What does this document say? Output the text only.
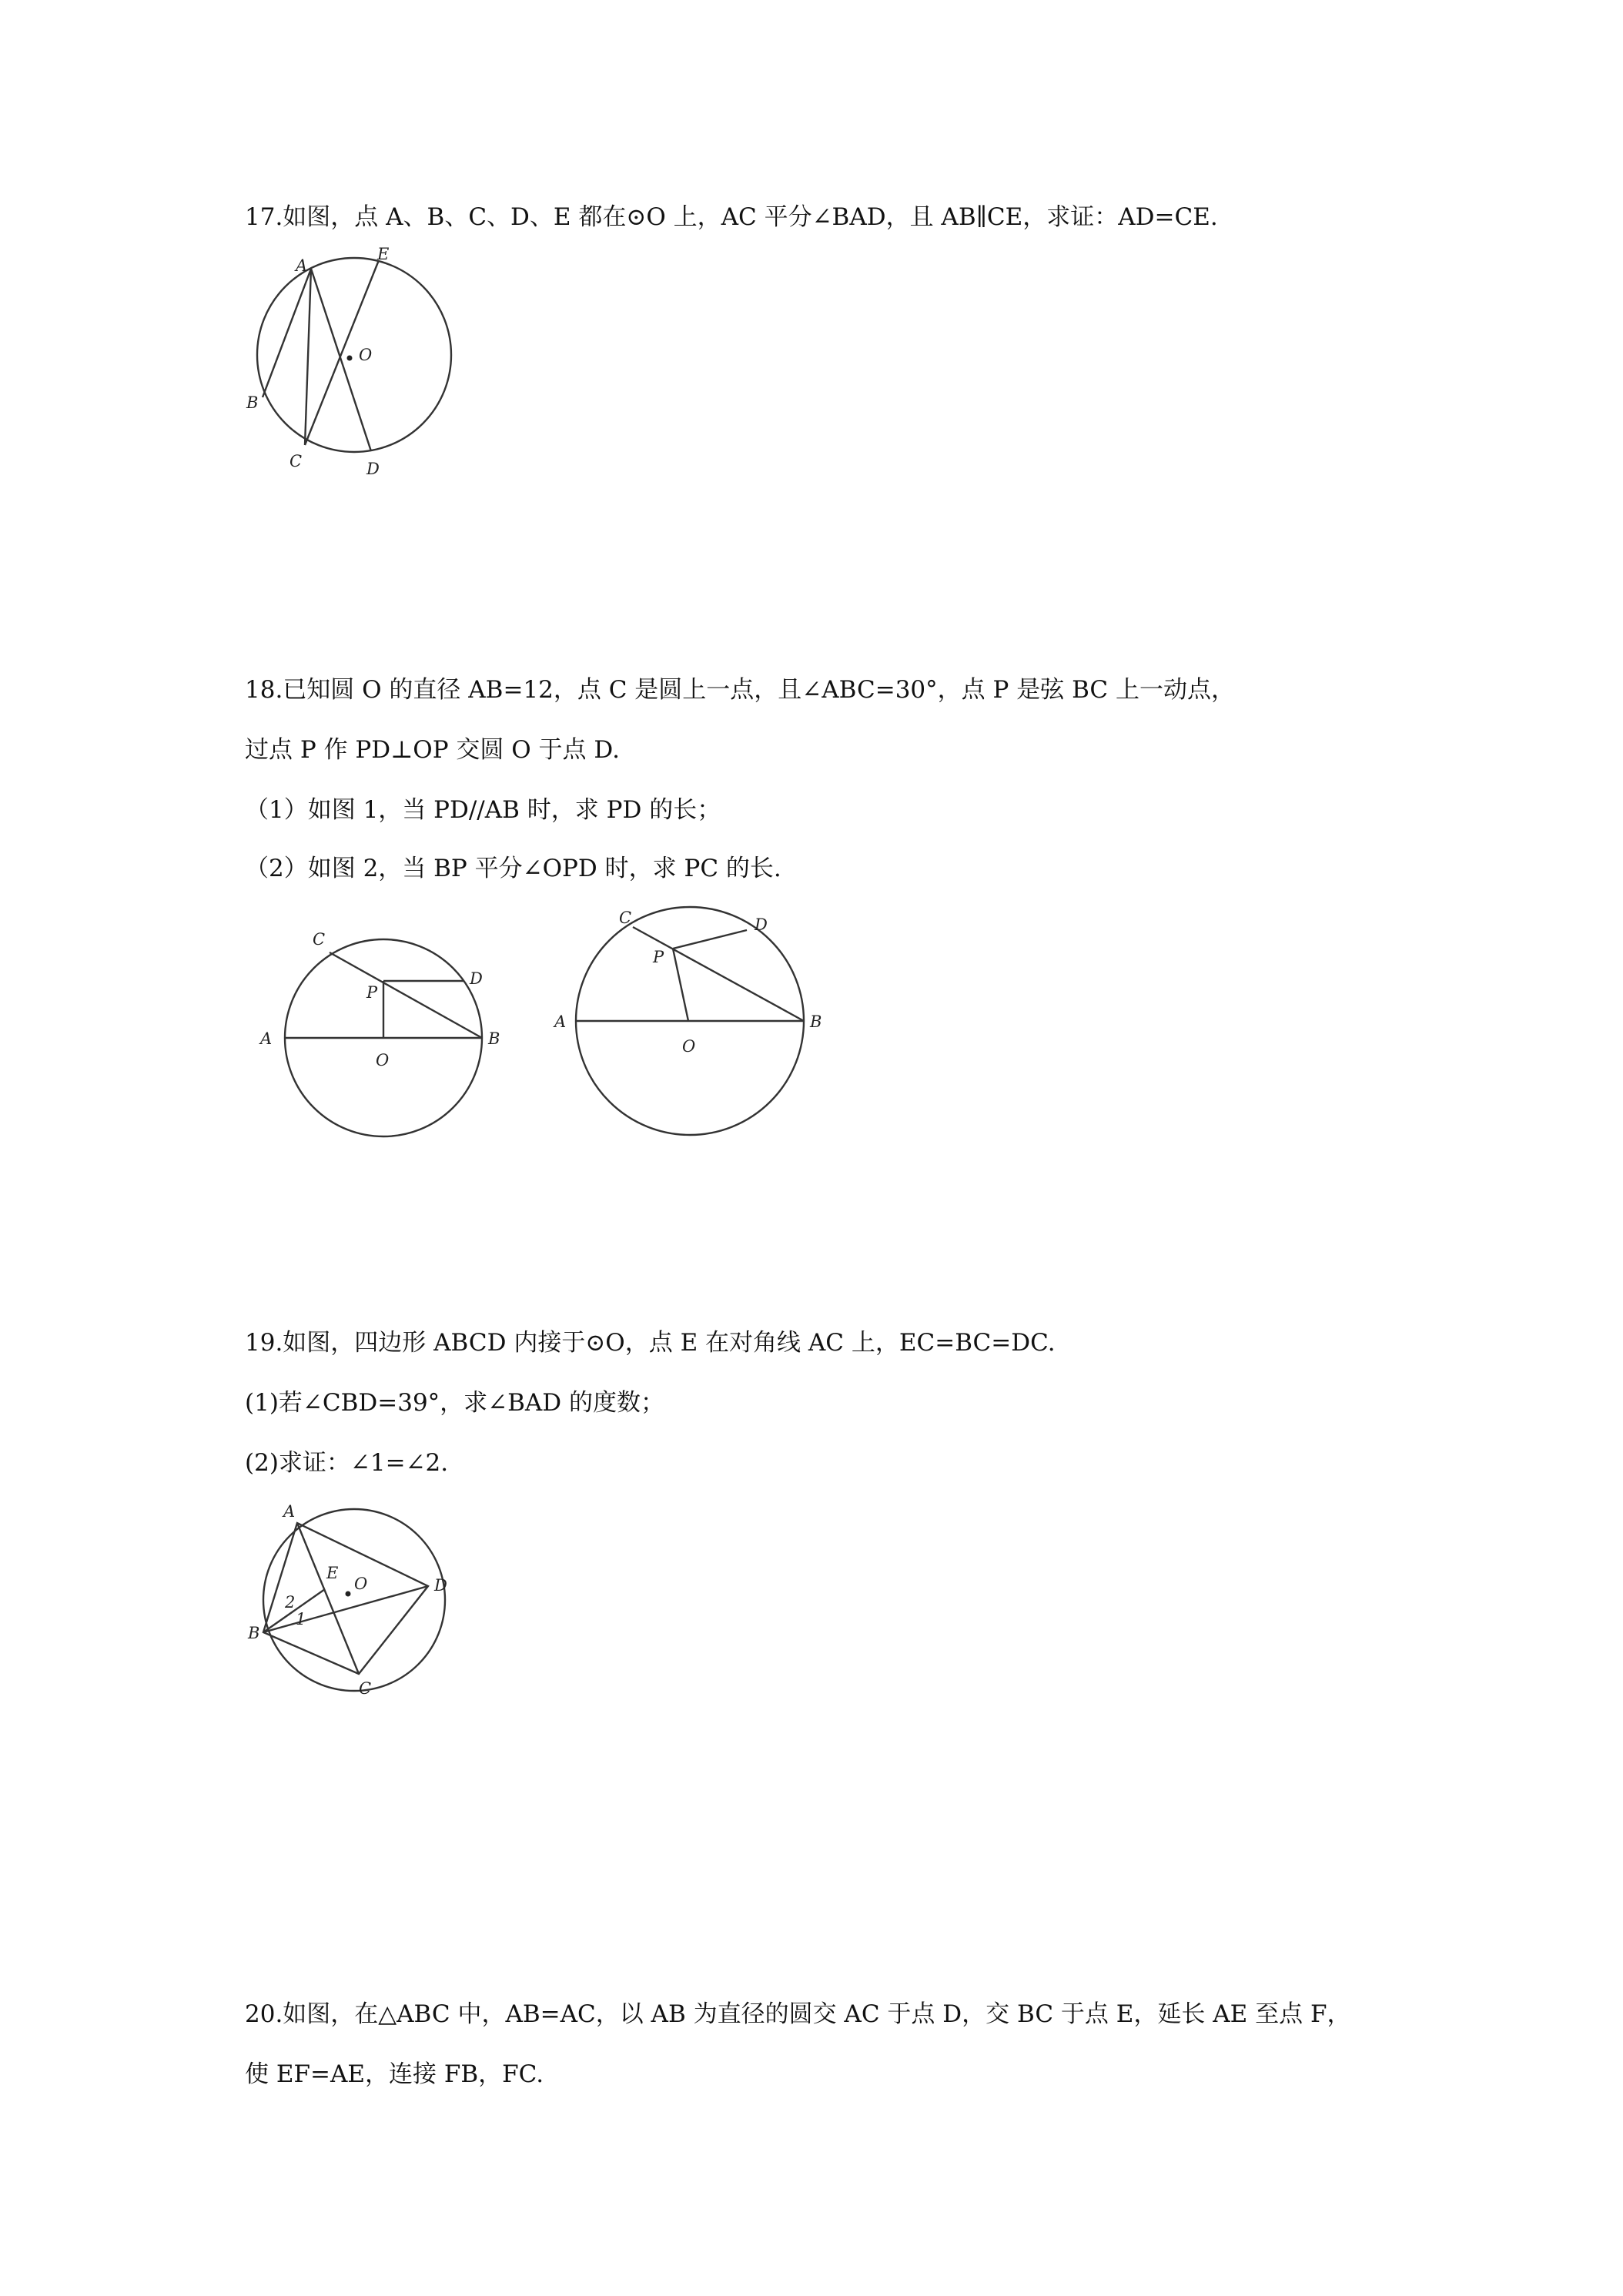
17.如图，点 A、B、C、D、E 都在⊙O 上，AC 平分∠BAD，且 AB∥CE，求证：AD=CE.
A
E
O
B
C	D
18.已知圆 O 的直径 AB=12，点 C 是圆上一点，且∠ABC=30°，点 P 是弦 BC 上一动点，
过点 P 作 PD⊥OP 交圆 O 于点 D.
（1）如图 1，当 PD//AB 时，求 PD 的长；
（2）如图 2，当 BP 平分∠OPD 时，求 PC 的长.
C
D
P
A	B
O
C	D
P
A	B
O
19.如图，四边形 ABCD 内接于⊙O，点 E 在对角线 AC 上，EC=BC=DC.
(1)若∠CBD=39°，求∠BAD 的度数；
(2)求证：∠1=∠2.
A
E
O	D
2
1
B
C
20.如图，在△ABC 中，AB=AC，以 AB 为直径的圆交 AC 于点 D，交 BC 于点 E，延长 AE 至点 F，
使 EF=AE，连接 FB，FC.
